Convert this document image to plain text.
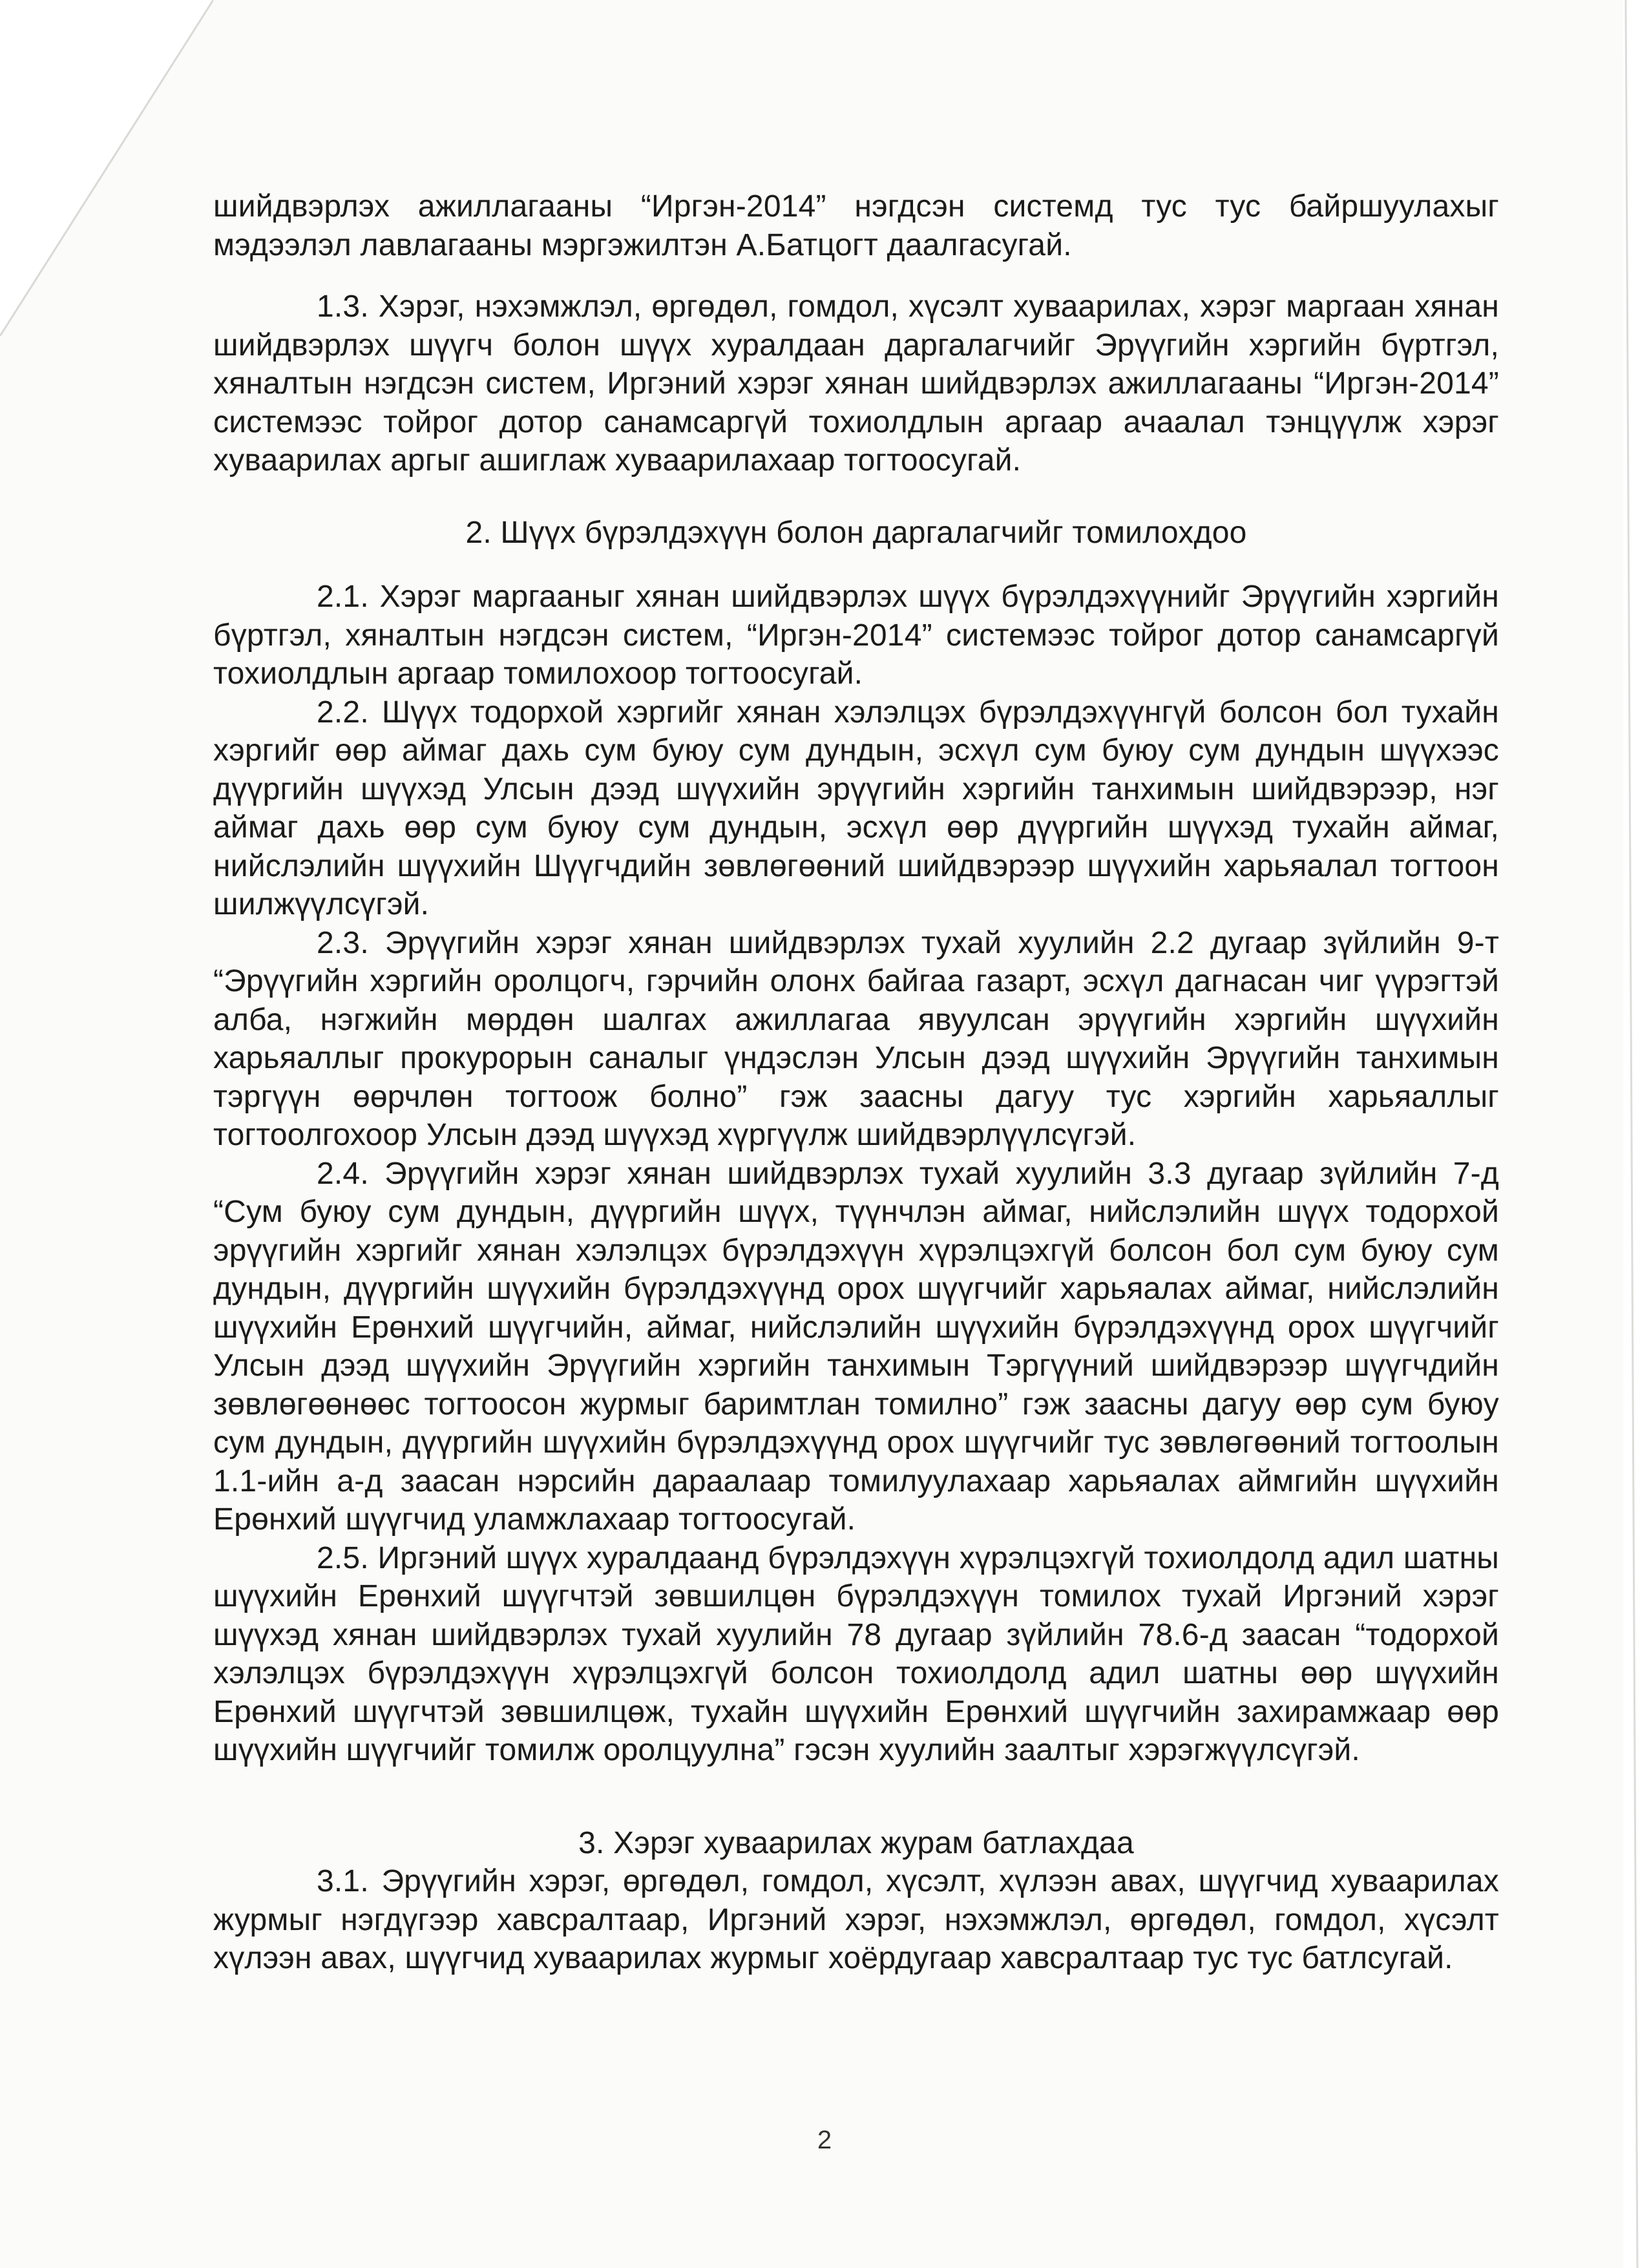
шийдвэрлэх ажиллагааны “Иргэн-2014” нэгдсэн системд тус тус байршуулахыг мэдээлэл лавлагааны мэргэжилтэн А.Батцогт даалгасугай.

1.3. Хэрэг, нэхэмжлэл, өргөдөл, гомдол, хүсэлт хуваарилах, хэрэг маргаан хянан шийдвэрлэх шүүгч болон шүүх хуралдаан даргалагчийг Эрүүгийн хэргийн бүртгэл, хяналтын нэгдсэн систем, Иргэний хэрэг хянан шийдвэрлэх ажиллагааны “Иргэн-2014” системээс тойрог дотор санамсаргүй тохиолдлын аргаар ачаалал тэнцүүлж хэрэг хуваарилах аргыг ашиглаж хуваарилахаар тогтоосугай.

2. Шүүх бүрэлдэхүүн болон даргалагчийг томилохдоо

2.1. Хэрэг маргааныг хянан шийдвэрлэх шүүх бүрэлдэхүүнийг Эрүүгийн хэргийн бүртгэл, хяналтын нэгдсэн систем, “Иргэн-2014” системээс тойрог дотор санамсаргүй тохиолдлын аргаар томилохоор тогтоосугай.

2.2. Шүүх тодорхой хэргийг хянан хэлэлцэх бүрэлдэхүүнгүй болсон бол тухайн хэргийг өөр аймаг дахь сум буюу сум дундын, эсхүл сум буюу сум дундын шүүхээс дүүргийн шүүхэд Улсын дээд шүүхийн эрүүгийн хэргийн танхимын шийдвэрээр, нэг аймаг дахь өөр сум буюу сум дундын, эсхүл өөр дүүргийн шүүхэд тухайн аймаг, нийслэлийн шүүхийн Шүүгчдийн зөвлөгөөний шийдвэрээр шүүхийн харьяалал тогтоон шилжүүлсүгэй.

2.3. Эрүүгийн хэрэг хянан шийдвэрлэх тухай хуулийн 2.2 дугаар зүйлийн 9-т “Эрүүгийн хэргийн оролцогч, гэрчийн олонх байгаа газарт, эсхүл дагнасан чиг үүрэгтэй алба, нэгжийн мөрдөн шалгах ажиллагаа явуулсан эрүүгийн хэргийн шүүхийн харьяаллыг прокурорын саналыг үндэслэн Улсын дээд шүүхийн Эрүүгийн танхимын тэргүүн өөрчлөн тогтоож болно” гэж заасны дагуу тус хэргийн харьяаллыг тогтоолгохоор Улсын дээд шүүхэд хүргүүлж шийдвэрлүүлсүгэй.

2.4. Эрүүгийн хэрэг хянан шийдвэрлэх тухай хуулийн 3.3 дугаар зүйлийн 7-д “Сум буюу сум дундын, дүүргийн шүүх, түүнчлэн аймаг, нийслэлийн шүүх тодорхой эрүүгийн хэргийг хянан хэлэлцэх бүрэлдэхүүн хүрэлцэхгүй болсон бол сум буюу сум дундын, дүүргийн шүүхийн бүрэлдэхүүнд орох шүүгчийг харьяалах аймаг, нийслэлийн шүүхийн Ерөнхий шүүгчийн, аймаг, нийслэлийн шүүхийн бүрэлдэхүүнд орох шүүгчийг Улсын дээд шүүхийн Эрүүгийн хэргийн танхимын Тэргүүний шийдвэрээр шүүгчдийн зөвлөгөөнөөс тогтоосон журмыг баримтлан томилно” гэж заасны дагуу өөр сум буюу сум дундын, дүүргийн шүүхийн бүрэлдэхүүнд орох шүүгчийг тус зөвлөгөөний тогтоолын 1.1-ийн а-д заасан нэрсийн дараалаар томилуулахаар харьяалах аймгийн шүүхийн Ерөнхий шүүгчид уламжлахаар тогтоосугай.

2.5. Иргэний шүүх хуралдаанд бүрэлдэхүүн хүрэлцэхгүй тохиолдолд адил шатны шүүхийн Ерөнхий шүүгчтэй зөвшилцөн бүрэлдэхүүн томилох тухай Иргэний хэрэг шүүхэд хянан шийдвэрлэх тухай хуулийн 78 дугаар зүйлийн 78.6-д заасан “тодорхой хэлэлцэх бүрэлдэхүүн хүрэлцэхгүй болсон тохиолдолд адил шатны өөр шүүхийн Ерөнхий шүүгчтэй зөвшилцөж, тухайн шүүхийн Ерөнхий шүүгчийн захирамжаар өөр шүүхийн шүүгчийг томилж оролцуулна” гэсэн хуулийн заалтыг хэрэгжүүлсүгэй.

3. Хэрэг хуваарилах журам батлахдаа

3.1. Эрүүгийн хэрэг, өргөдөл, гомдол, хүсэлт, хүлээн авах, шүүгчид хуваарилах журмыг нэгдүгээр хавсралтаар, Иргэний хэрэг, нэхэмжлэл, өргөдөл, гомдол, хүсэлт хүлээн авах, шүүгчид хуваарилах журмыг хоёрдугаар хавсралтаар тус тус батлсугай.

2
